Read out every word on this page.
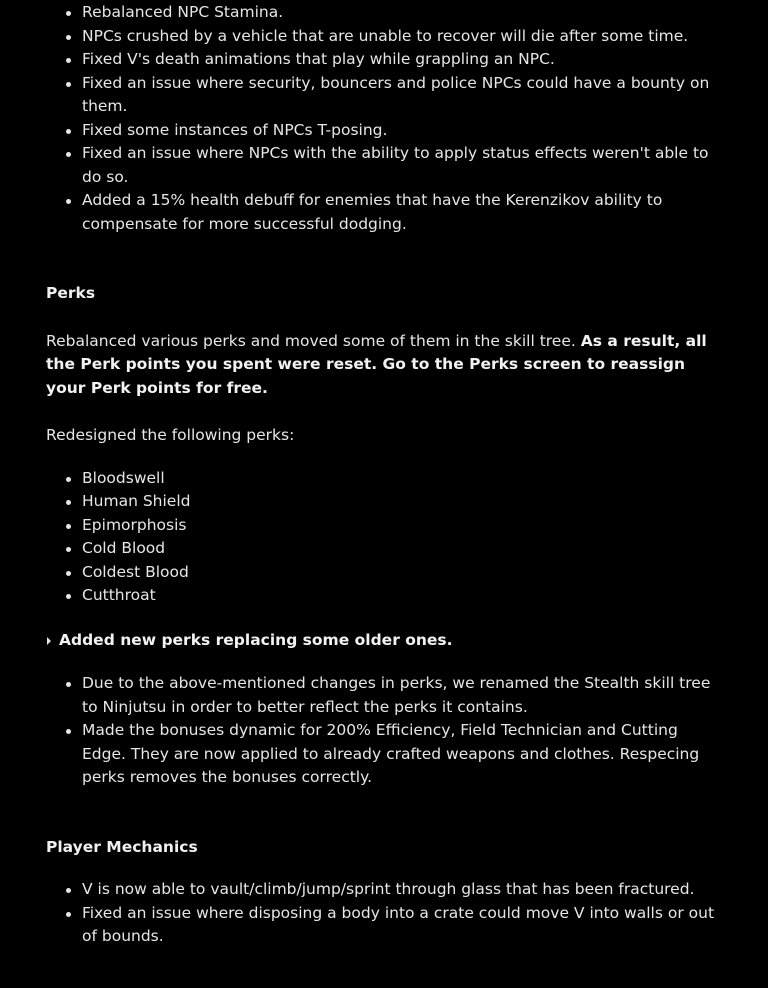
Rebalanced NPC Stamina.
NPCs crushed by a vehicle that are unable to recover will die after some time.
Fixed V's death animations that play while grappling an NPC.
Fixed an issue where security, bouncers and police NPCs could have a bounty on them.
Fixed some instances of NPCs T-posing.
Fixed an issue where NPCs with the ability to apply status effects weren't able to do so.
Added a 15% health debuff for enemies that have the Kerenzikov ability to compensate for more successful dodging.
Perks

Rebalanced various perks and moved some of them in the skill tree. As a result, all the Perk points you spent were reset. Go to the Perks screen to reassign your Perk points for free.

Redesigned the following perks:

Bloodswell
Human Shield
Epimorphosis
Cold Blood
Coldest Blood
Cutthroat
Added new perks replacing some older ones.
Due to the above-mentioned changes in perks, we renamed the Stealth skill tree to Ninjutsu in order to better reflect the perks it contains.
Made the bonuses dynamic for 200% Efficiency, Field Technician and Cutting Edge. They are now applied to already crafted weapons and clothes. Respecing perks removes the bonuses correctly.
Player Mechanics
V is now able to vault/climb/jump/sprint through glass that has been fractured.
Fixed an issue where disposing a body into a crate could move V into walls or out of bounds.
